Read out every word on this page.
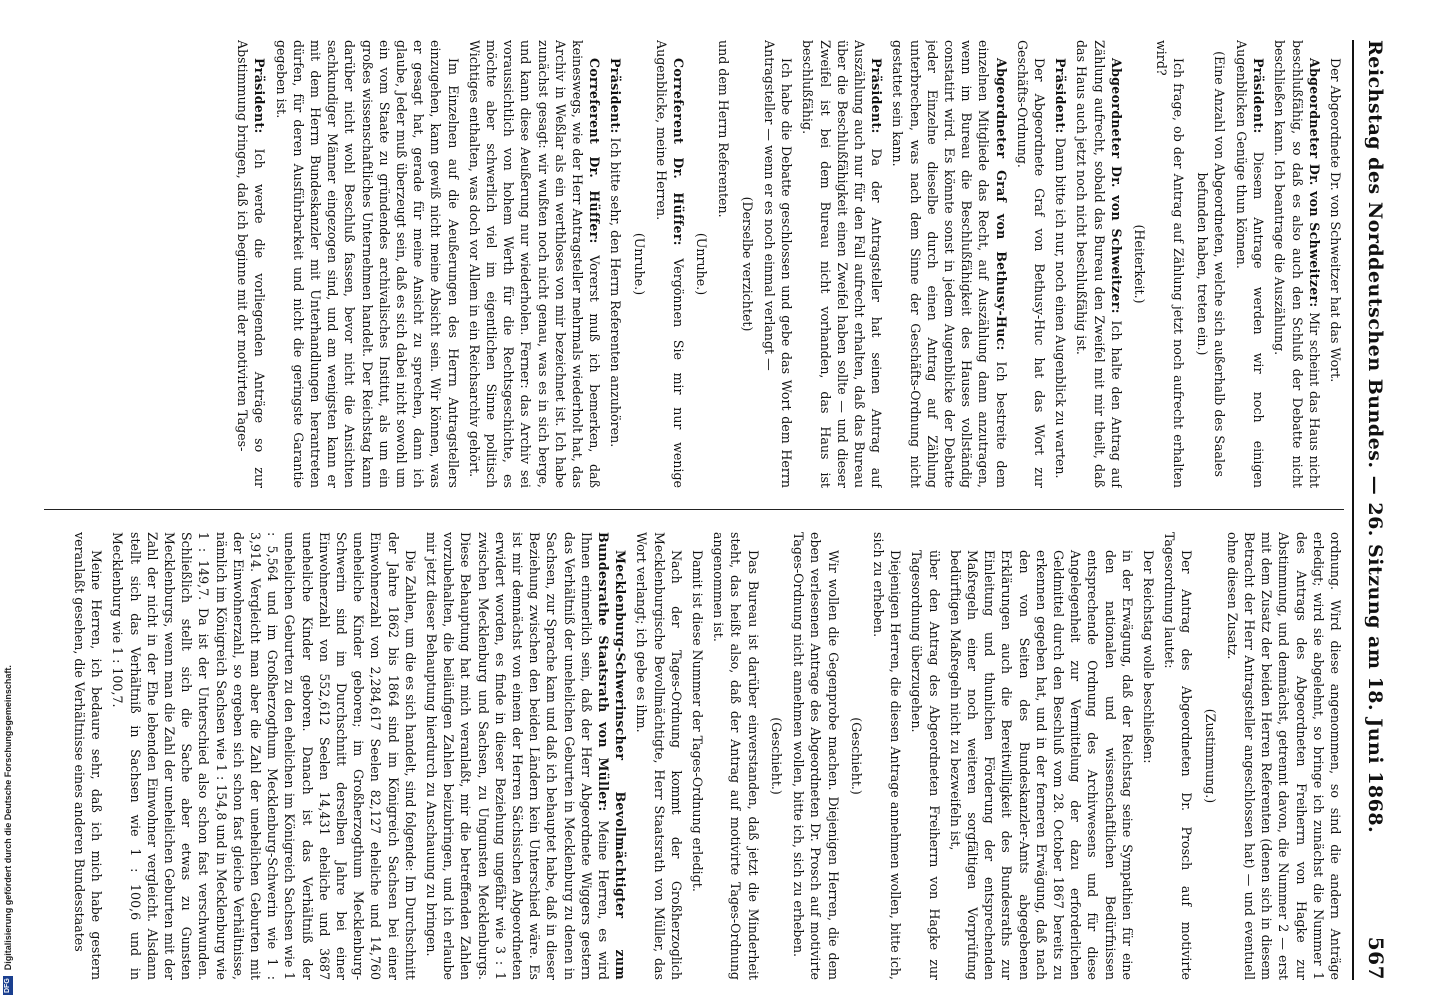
Reichstag des Norddeutschen Bundes. — 26. Sitzung am 18. Juni 1868.
567

Der Abgeordnete Dr. von Schweitzer hat das Wort.

Abgeordneter Dr. von Schweitzer: Mir scheint das Haus nicht beschlußfähig, so daß es also auch den Schluß der Debatte nicht beschließen kann. Ich beantrage die Auszählung.

Präsident: Diesem Antrage werden wir noch einigen Augenblicken Genüge thun können.

(Eine Anzahl von Abgeordneten, welche sich außerhalb des Saales befunden haben, treten ein.)

Ich frage, ob der Antrag auf Zählung jetzt noch aufrecht erhalten wird?

(Heiterkeit.)

Abgeordneter Dr. von Schweitzer: Ich halte den Antrag auf Zählung aufrecht, sobald das Bureau den Zweifel mit mir theilt, daß das Haus auch jetzt noch nicht beschlußfähig ist.

Präsident: Dann bitte ich nur, noch einen Augenblick zu warten.

Der Abgeordnete Graf von Bethusy-Huc hat das Wort zur Geschäfts-Ordnung.

Abgeordneter Graf von Bethusy-Huc: Ich bestreite dem einzelnen Mitgliede das Recht, auf Auszählung dann anzutragen, wenn im Bureau die Beschlußfähigkeit des Hauses vollständig constatirt wird. Es könnte sonst in jedem Augenblicke der Debatte jeder Einzelne dieselbe durch einen Antrag auf Zählung unterbrechen, was nach dem Sinne der Geschäfts-Ordnung nicht gestattet sein kann.

Präsident: Da der Antragsteller hat seinen Antrag auf Auszählung auch nur für den Fall aufrecht erhalten, daß das Bureau über die Beschlußfähigkeit einen Zweifel haben sollte — und dieser Zweifel ist bei dem Bureau nicht vorhanden, das Haus ist beschlußfähig.

Ich habe die Debatte geschlossen und gebe das Wort dem Herrn Antragsteller — wenn er es noch einmal verlangt —

(Derselbe verzichtet)

und dem Herrn Referenten.

(Unruhe.)

Correferent Dr. Hüffer: Vergönnen Sie mir nur wenige Augenblicke, meine Herren.

(Unruhe.)

Präsident: Ich bitte sehr, den Herrn Referenten anzuhören.

Correferent Dr. Hüffer: Vorerst muß ich bemerken, daß keineswegs, wie der Herr Antragsteller mehrmals wiederholt hat, das Archiv in Weßlar als ein werthloses von mir bezeichnet ist. Ich habe zunächst gesagt: wir wußten noch nicht genau, was es in sich berge, und kann diese Aeußerung nur wiederholen. Ferner: das Archiv sei voraussichtlich von hohem Werth für die Rechtsgeschichte, es möchte aber schwerlich viel im eigentlichen Sinne politisch Wichtiges enthalten, was doch vor Allem in ein Reichsarchiv gehört.

Im Einzelnen auf die Aeußerungen des Herrn Antragstellers einzugehen, kann gewiß nicht meine Absicht sein. Wir können, was er gesagt hat, gerade für meine Ansicht zu sprechen, dann ich glaube, Jeder muß überzeugt sein, daß es sich dabei nicht sowohl um ein vom Staate zu gründendes archivalisches Institut, als um ein großes wissenschaftliches Unternehmen handelt. Der Reichstag kann darüber nicht wohl Beschluß fassen, bevor nicht die Ansichten sachkundiger Männer eingezogen sind, und am wenigsten kann er mit dem Herrn Bundeskanzler mit Unterhandlungen herantreten dürfen, für deren Ausführbarkeit und nicht die geringste Garantie gegeben ist.

Präsident: Ich werde die vorliegenden Anträge so zur Abstimmung bringen, daß ich beginne mit der motivirten Tages-

ordnung. Wird diese angenommen, so sind die andern Anträge erledigt; wird sie abgelehnt, so bringe ich zunächst die Nummer 1 des Antrags des Abgeordneten Freiherrn von Hagke zur Abstimmung, und demnächst, getrennt davon, die Nummer 2 — erst mit dem Zusatz der beiden Herren Referenten (denen sich in diesem Betracht der Herr Antragsteller angeschlossen hat) — und eventuell ohne diesen Zusatz.

(Zustimmung.)

Der Antrag des Abgeordneten Dr. Prosch auf motivirte Tagesordnung lautet:

Der Reichstag wolle beschließen:

in der Erwägung, daß der Reichstag seine Sympathien für eine den nationalen und wissenschaftlichen Bedürfnissen entsprechende Ordnung des Archivwesens und für diese Angelegenheit zur Vermittelung der dazu erforderlichen Geldmittel durch den Beschluß vom 28. October 1867 bereits zu erkennen gegeben hat, und in der ferneren Erwägung, daß nach den von Seiten des Bundeskanzler-Amts abgegebenen Erklärungen auch die Bereitwilligkeit des Bundesraths zur Einleitung und thunlichen Förderung der entsprechenden Maßregeln einer noch weiteren sorgfältigen Vorprüfung bedürftigen Maßregeln nicht zu bezweifeln ist,

über den Antrag des Abgeordneten Freiherrn von Hagke zur Tagesordnung überzugehen.

Diejenigen Herren, die diesen Antrage annehmen wollen, bitte ich, sich zu erheben.

(Geschieht.)

Wir wollen die Gegenprobe machen. Diejenigen Herren, die dem eben verlesenen Antrage des Abgeordneten Dr. Prosch auf motivirte Tages-Ordnung nicht annehmen wollen, bitte ich, sich zu erheben.

(Geschieht.)

Das Bureau ist darüber einverstanden, daß jetzt die Minderheit steht, das heißt also, daß der Antrag auf motivirte Tages-Ordnung angenommen ist.

Damit ist diese Nummer der Tages-Ordnung erledigt.

Nach der Tages-Ordnung kommt der Großherzoglich Mecklenburgische Bevollmächtigte, Herr Staatsrath von Müller, das Wort verlangt; ich gebe es ihm.

Mecklenburg-Schwerinscher Bevollmächtigter zum Bundesrathe Staatsrath von Müller: Meine Herren, es wird Ihnen erinnerlich sein, daß der Herr Abgeordnete Wiggers gestern das Verhältniß der unehelichen Geburten in Mecklenburg zu denen in Sachsen, zur Sprache kam und daß ich behauptet habe, daß in dieser Beziehung zwischen den beiden Ländern kein Unterschied wäre. Es ist mir demnächst von einem der Herren Sächsischen Abgeordneten erwidert worden, es finde in dieser Beziehung ungefähr wie 3 : 1 zwischen Mecklenburg und Sachsen, zu Ungunsten Mecklenburgs. Diese Behauptung hat mich veranlaßt, mir die betreffenden Zahlen vorzubehalten, die beiläufigen Zahlen beizubringen, und ich erlaube mir jetzt dieser Behauptung hierdurch zu Anschauung zu bringen.

Die Zahlen, um die es sich handelt, sind folgende: Im Durchschnitt der Jahre 1862 bis 1864 sind im Königreich Sachsen bei einer Einwohnerzahl von 2,284,617 Seelen 82,127 eheliche und 14,760 uneheliche Kinder geboren; im Großherzogthum Mecklenburg-Schwerin sind im Durchschnitt derselben Jahre bei einer Einwohnerzahl von 552,612 Seelen 14,431 eheliche und 3687 uneheliche Kinder geboren. Danach ist das Verhältniß der unehelichen Geburten zu den ehelichen im Königreich Sachsen wie 1 : 5,564 und im Großherzogthum Mecklenburg-Schwerin wie 1 : 3,914. Vergleicht man aber die Zahl der unehelichen Geburten mit der Einwohnerzahl, so ergeben sich schon fast gleiche Verhältnisse, nämlich im Königreich Sachsen wie 1 : 154,8 und in Mecklenburg wie 1 : 149,7. Da ist der Unterschied also schon fast verschwunden. Schließlich stellt sich die Sache aber etwas zu Gunsten Mecklenburgs, wenn man die Zahl der unehelichen Geburten mit der Zahl der nicht in der Ehe lebenden Einwohner vergleicht. Alsdann stellt sich das Verhältniß in Sachsen wie 1 : 100,6 und in Mecklenburg wie 1 : 100,7.

Meine Herren, ich bedaure sehr, daß ich mich habe gestern veranlaßt gesehen, die Verhältnisse eines anderen Bundesstaates

DFG
Digitalisierung gefördert durch die Deutsche Forschungsgemeinschaft.
